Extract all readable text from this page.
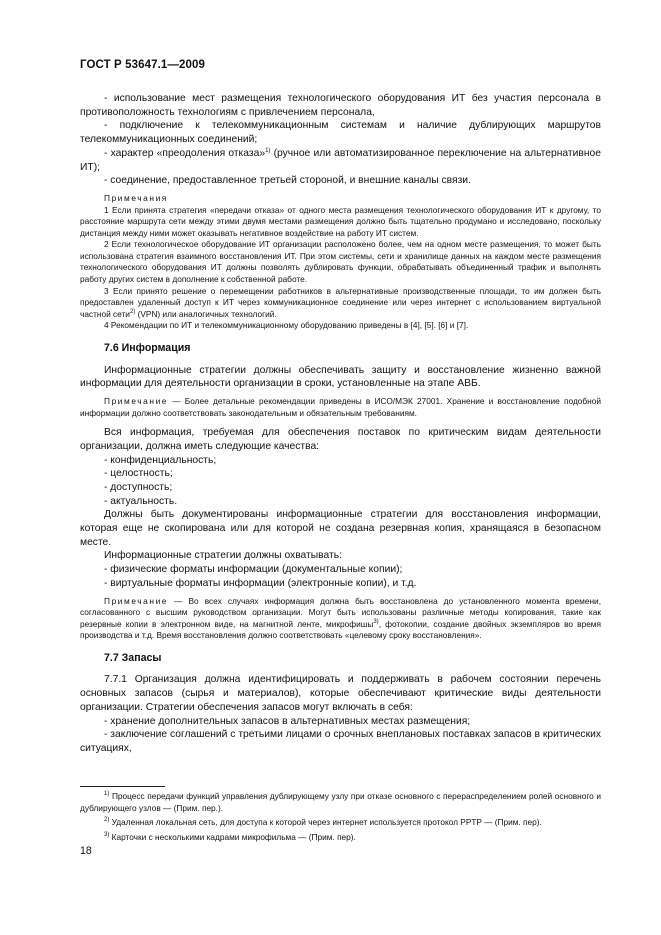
ГОСТ Р 53647.1—2009

- использование мест размещения технологического оборудования ИТ без участия персонала в противоположность технологиям с привлечением персонала,

- подключение к телекоммуникационным системам и наличие дублирующих маршрутов телекоммуникационных соединений;

- характер «преодоления отказа»$^{1)}$ (ручное или автоматизированное переключение на альтернативное ИТ);

- соединение, предоставленное третьей стороной, и внешние каналы связи.

Примечания

1 Если принята стратегия «передачи отказа» от одного места размещения технологического оборудования ИТ к другому, то расстояние маршрута сети между этими двумя местами размещения должно быть тщательно продумано и исследовано, поскольку дистанция между ними может оказывать негативное воздействие на работу ИТ систем.

2 Если технологическое оборудование ИТ организации расположено более, чем на одном месте размещения, то может быть использована стратегия взаимного восстановления ИТ. При этом системы, сети и хранилище данных на каждом месте размещения технологического оборудования ИТ должны позволять дублировать функции, обрабатывать объединенный трафик и выполнять работу других систем в дополнение к собственной работе.

3 Если принято решение о перемещении работников в альтернативные производственные площади, то им должен быть предоставлен удаленный доступ к ИТ через коммуникационное соединение или через интернет с использованием виртуальной частной сети$^{2)}$ (VPN) или аналогичных технологий.

4 Рекомендации по ИТ и телекоммуникационному оборудованию приведены в [4], [5]. [6] и [7].

7.6 Информация

Информационные стратегии должны обеспечивать защиту и восстановление жизненно важной информации для деятельности организации в сроки, установленные на этапе АВБ.

Примечание — Более детальные рекомендации приведены в ИСО/МЭК 27001. Хранение и восстановление подобной информации должно соответствовать законодательным и обязательным требованиям.

Вся информация, требуемая для обеспечения поставок по критическим видам деятельности организации, должна иметь следующие качества:

- конфиденциальность;

- целостность;

- доступность;

- актуальность.

Должны быть документированы информационные стратегии для восстановления информации, которая еще не скопирована или для которой не создана резервная копия, хранящаяся в безопасном месте.

Информационные стратегии должны охватывать:

- физические форматы информации (документальные копии);

- виртуальные форматы информации (электронные копии), и т.д.

Примечание — Во всех случаях информация должна быть восстановлена до установленного момента времени, согласованного с высшим руководством организации. Могут быть использованы различные методы копирования, такие как резервные копии в электронном виде, на магнитной ленте, микрофишы$^{3)}$, фотокопии, создание двойных экземпляров во время производства и т.д. Время восстановления должно соответствовать «целевому сроку восстановления».

7.7 Запасы

7.7.1 Организация должна идентифицировать и поддерживать в рабочем состоянии перечень основных запасов (сырья и материалов), которые обеспечивают критические виды деятельности организации. Стратегии обеспечения запасов могут включать в себя:

- хранение дополнительных запасов в альтернативных местах размещения;

- заключение соглашений с третьими лицами о срочных внеплановых поставках запасов в критических ситуациях,

$^{1)}$ Процесс передачи функций управления дублирующему узлу при отказе основного с перераспределением ролей основного и дублирующего узлов — (Прим. пер.).

$^{2)}$ Удаленная локальная сеть, для доступа к которой через интернет используется протокол PPTP — (Прим. пер).

$^{3)}$ Карточки с несколькими кадрами микрофильма — (Прим. пер).

18
